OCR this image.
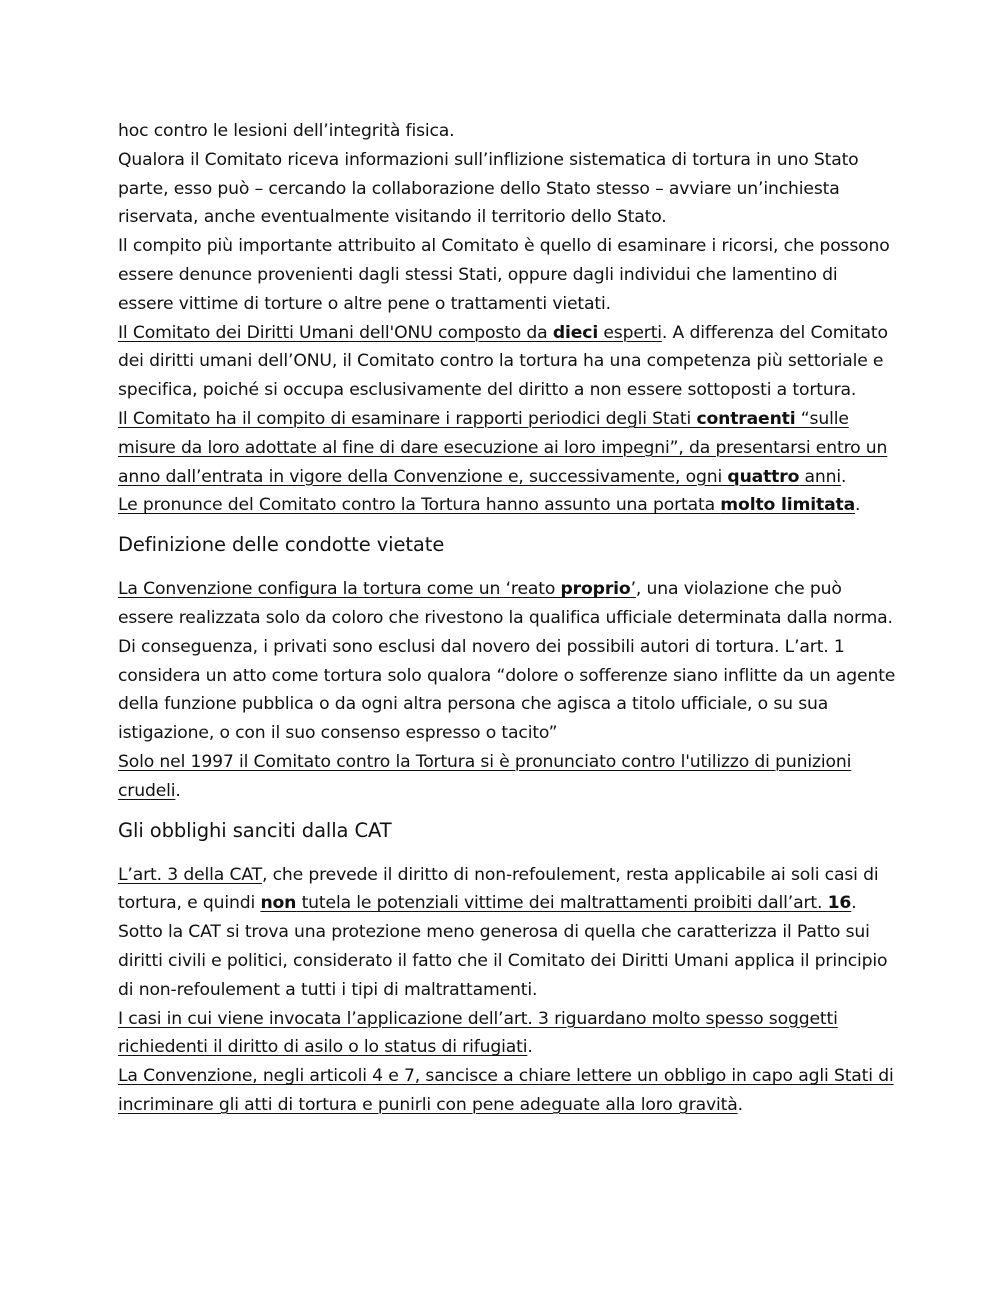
hoc contro le lesioni dell’integrità fisica.

Qualora il Comitato riceva informazioni sull’inflizione sistematica di tortura in uno Stato parte, esso può – cercando la collaborazione dello Stato stesso – avviare un’inchiesta riservata, anche eventualmente visitando il territorio dello Stato.

Il compito più importante attribuito al Comitato è quello di esaminare i ricorsi, che possono essere denunce provenienti dagli stessi Stati, oppure dagli individui che lamentino di essere vittime di torture o altre pene o trattamenti vietati.

Il Comitato dei Diritti Umani dell'ONU composto da dieci esperti. A differenza del Comitato dei diritti umani dell’ONU, il Comitato contro la tortura ha una competenza più settoriale e specifica, poiché si occupa esclusivamente del diritto a non essere sottoposti a tortura.

Il Comitato ha il compito di esaminare i rapporti periodici degli Stati contraenti “sulle misure da loro adottate al fine di dare esecuzione ai loro impegni”, da presentarsi entro un anno dall’entrata in vigore della Convenzione e, successivamente, ogni quattro anni.

Le pronunce del Comitato contro la Tortura hanno assunto una portata molto limitata.

Definizione delle condotte vietate

La Convenzione configura la tortura come un ‘reato proprio’, una violazione che può essere realizzata solo da coloro che rivestono la qualifica ufficiale determinata dalla norma. Di conseguenza, i privati sono esclusi dal novero dei possibili autori di tortura. L’art. 1 considera un atto come tortura solo qualora “dolore o sofferenze siano inflitte da un agente della funzione pubblica o da ogni altra persona che agisca a titolo ufficiale, o su sua istigazione, o con il suo consenso espresso o tacito”

Solo nel 1997 il Comitato contro la Tortura si è pronunciato contro l'utilizzo di punizioni crudeli.

Gli obblighi sanciti dalla CAT

L’art. 3 della CAT, che prevede il diritto di non-refoulement, resta applicabile ai soli casi di tortura, e quindi non tutela le potenziali vittime dei maltrattamenti proibiti dall’art. 16.

Sotto la CAT si trova una protezione meno generosa di quella che caratterizza il Patto sui diritti civili e politici, considerato il fatto che il Comitato dei Diritti Umani applica il principio di non-refoulement a tutti i tipi di maltrattamenti.

I casi in cui viene invocata l’applicazione dell’art. 3 riguardano molto spesso soggetti richiedenti il diritto di asilo o lo status di rifugiati.

La Convenzione, negli articoli 4 e 7, sancisce a chiare lettere un obbligo in capo agli Stati di incriminare gli atti di tortura e punirli con pene adeguate alla loro gravità.
